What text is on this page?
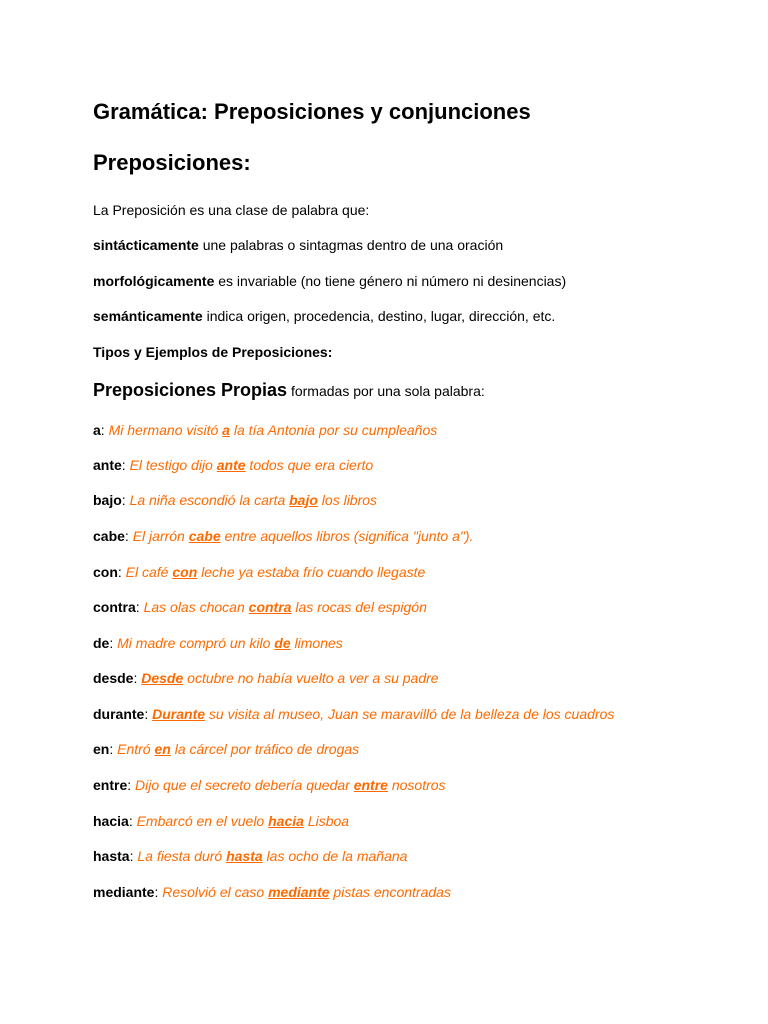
Gramática: Preposiciones y conjunciones
Preposiciones:
La Preposición es una clase de palabra que:
sintácticamente une palabras o sintagmas dentro de una oración
morfológicamente es invariable (no tiene género ni número ni desinencias)
semánticamente indica origen, procedencia, destino, lugar, dirección, etc.
Tipos y Ejemplos de Preposiciones:
Preposiciones Propias formadas por una sola palabra:
a: Mi hermano visitó a la tía Antonia por su cumpleaños
ante: El testigo dijo ante todos que era cierto
bajo: La niña escondió la carta bajo los libros
cabe: El jarrón cabe entre aquellos libros (significa "junto a").
con: El café con leche ya estaba frío cuando llegaste
contra: Las olas chocan contra las rocas del espigón
de: Mi madre compró un kilo de limones
desde: Desde octubre no había vuelto a ver a su padre
durante: Durante su visita al museo, Juan se maravilló de la belleza de los cuadros
en: Entró en la cárcel por tráfico de drogas
entre: Dijo que el secreto debería quedar entre nosotros
hacia: Embarcó en el vuelo hacia Lisboa
hasta: La fiesta duró hasta las ocho de la mañana
mediante: Resolvió el caso mediante pistas encontradas
